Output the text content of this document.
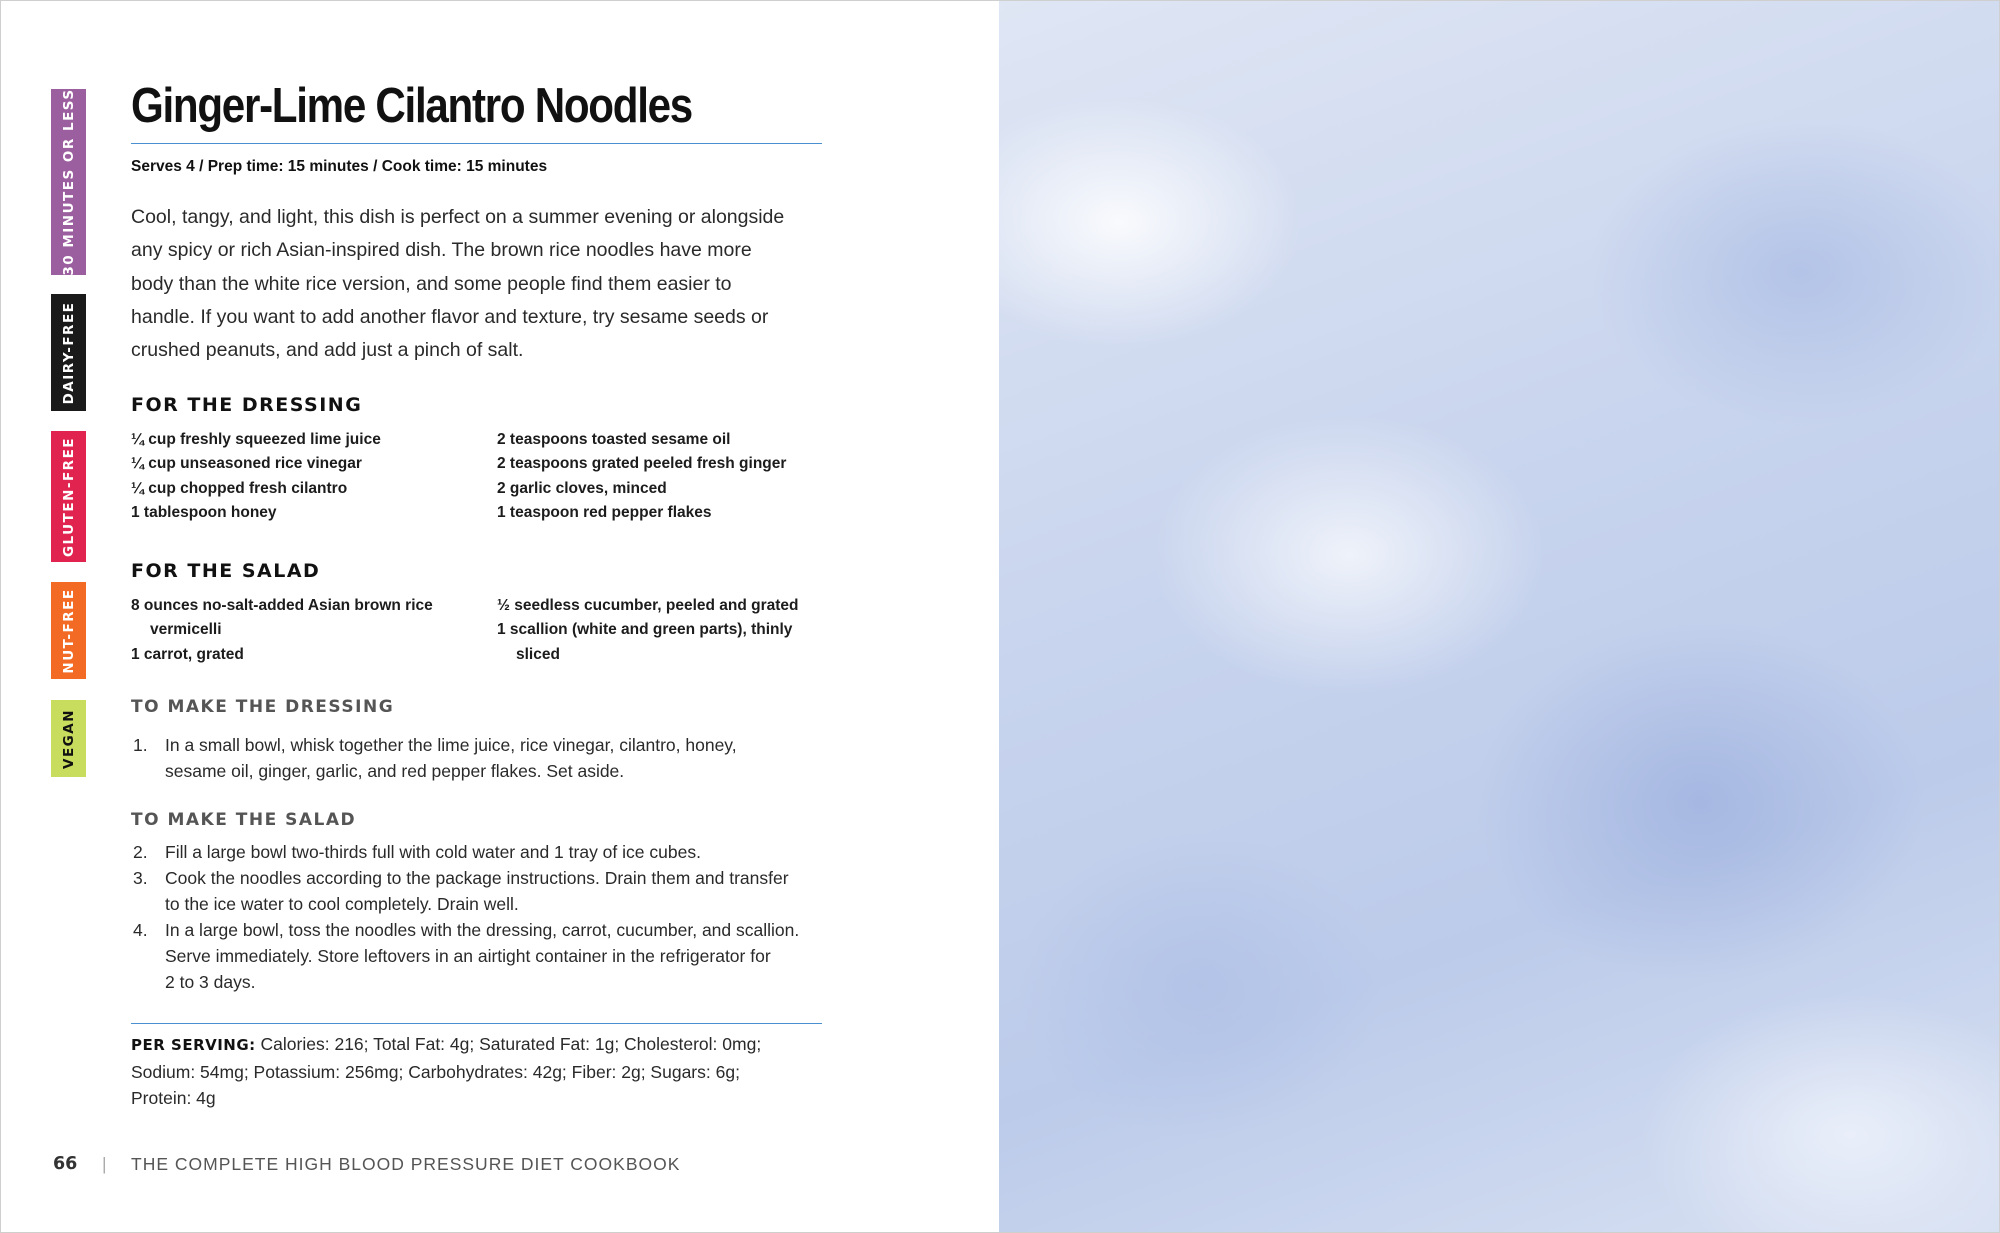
30 MINUTES OR LESS
DAIRY-FREE
GLUTEN-FREE
NUT-FREE
VEGAN
Ginger-Lime Cilantro Noodles
Serves 4 / Prep time: 15 minutes / Cook time: 15 minutes
Cool, tangy, and light, this dish is perfect on a summer evening or alongside
any spicy or rich Asian-inspired dish. The brown rice noodles have more
body than the white rice version, and some people find them easier to
handle. If you want to add another flavor and texture, try sesame seeds or
crushed peanuts, and add just a pinch of salt.
FOR THE DRESSING
¼ cup freshly squeezed lime juice
¼ cup unseasoned rice vinegar
¼ cup chopped fresh cilantro
1 tablespoon honey
2 teaspoons toasted sesame oil
2 teaspoons grated peeled fresh ginger
2 garlic cloves, minced
1 teaspoon red pepper flakes
FOR THE SALAD
8 ounces no-salt-added Asian brown rice
vermicelli
1 carrot, grated
½ seedless cucumber, peeled and grated
1 scallion (white and green parts), thinly
sliced
TO MAKE THE DRESSING
1. In a small bowl, whisk together the lime juice, rice vinegar, cilantro, honey,
sesame oil, ginger, garlic, and red pepper flakes. Set aside.
TO MAKE THE SALAD
2. Fill a large bowl two-thirds full with cold water and 1 tray of ice cubes.
3. Cook the noodles according to the package instructions. Drain them and transfer
to the ice water to cool completely. Drain well.
4. In a large bowl, toss the noodles with the dressing, carrot, cucumber, and scallion.
Serve immediately. Store leftovers in an airtight container in the refrigerator for
2 to 3 days.
PER SERVING: Calories: 216; Total Fat: 4g; Saturated Fat: 1g; Cholesterol: 0mg;
Sodium: 54mg; Potassium: 256mg; Carbohydrates: 42g; Fiber: 2g; Sugars: 6g;
Protein: 4g
66 | THE COMPLETE HIGH BLOOD PRESSURE DIET COOKBOOK
